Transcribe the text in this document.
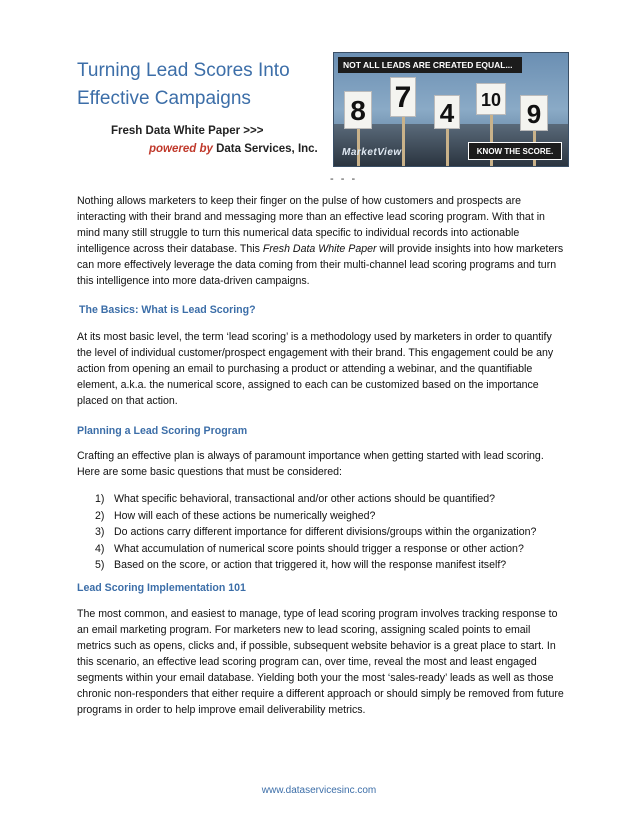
Turning Lead Scores Into Effective Campaigns
Fresh Data White Paper >>>
powered by Data Services, Inc.
NOT ALL LEADS ARE CREATED EQUAL...
8 7 4	10 9
MarketView	KNOW THE SCORE.
- - -

Nothing allows marketers to keep their finger on the pulse of how customers and prospects are interacting with their brand and messaging more than an effective lead scoring program. With that in mind many still struggle to turn this numerical data specific to individual records into actionable intelligence across their database. This Fresh Data White Paper will provide insights into how marketers can more effectively leverage the data coming from their multi-channel lead scoring programs and turn this intelligence into more data-driven campaigns.

The Basics: What is Lead Scoring?

At its most basic level, the term ‘lead scoring’ is a methodology used by marketers in order to quantify the level of individual customer/prospect engagement with their brand. This engagement could be any action from opening an email to purchasing a product or attending a webinar, and the quantifiable element, a.k.a. the numerical score, assigned to each can be customized based on the importance placed on that action.

Planning a Lead Scoring Program

Crafting an effective plan is always of paramount importance when getting started with lead scoring. Here are some basic questions that must be considered:

1) What specific behavioral, transactional and/or other actions should be quantified?
2) How will each of these actions be numerically weighed?
3) Do actions carry different importance for different divisions/groups within the organization?
4) What accumulation of numerical score points should trigger a response or other action?
5) Based on the score, or action that triggered it, how will the response manifest itself?
Lead Scoring Implementation 101

The most common, and easiest to manage, type of lead scoring program involves tracking response to an email marketing program. For marketers new to lead scoring, assigning scaled points to email metrics such as opens, clicks and, if possible, subsequent website behavior is a great place to start. In this scenario, an effective lead scoring program can, over time, reveal the most and least engaged segments within your email database. Yielding both your the most ‘sales-ready’ leads as well as those chronic non-responders that either require a different approach or should simply be removed from future programs in order to help improve email deliverability metrics.

www.dataservicesinc.com
